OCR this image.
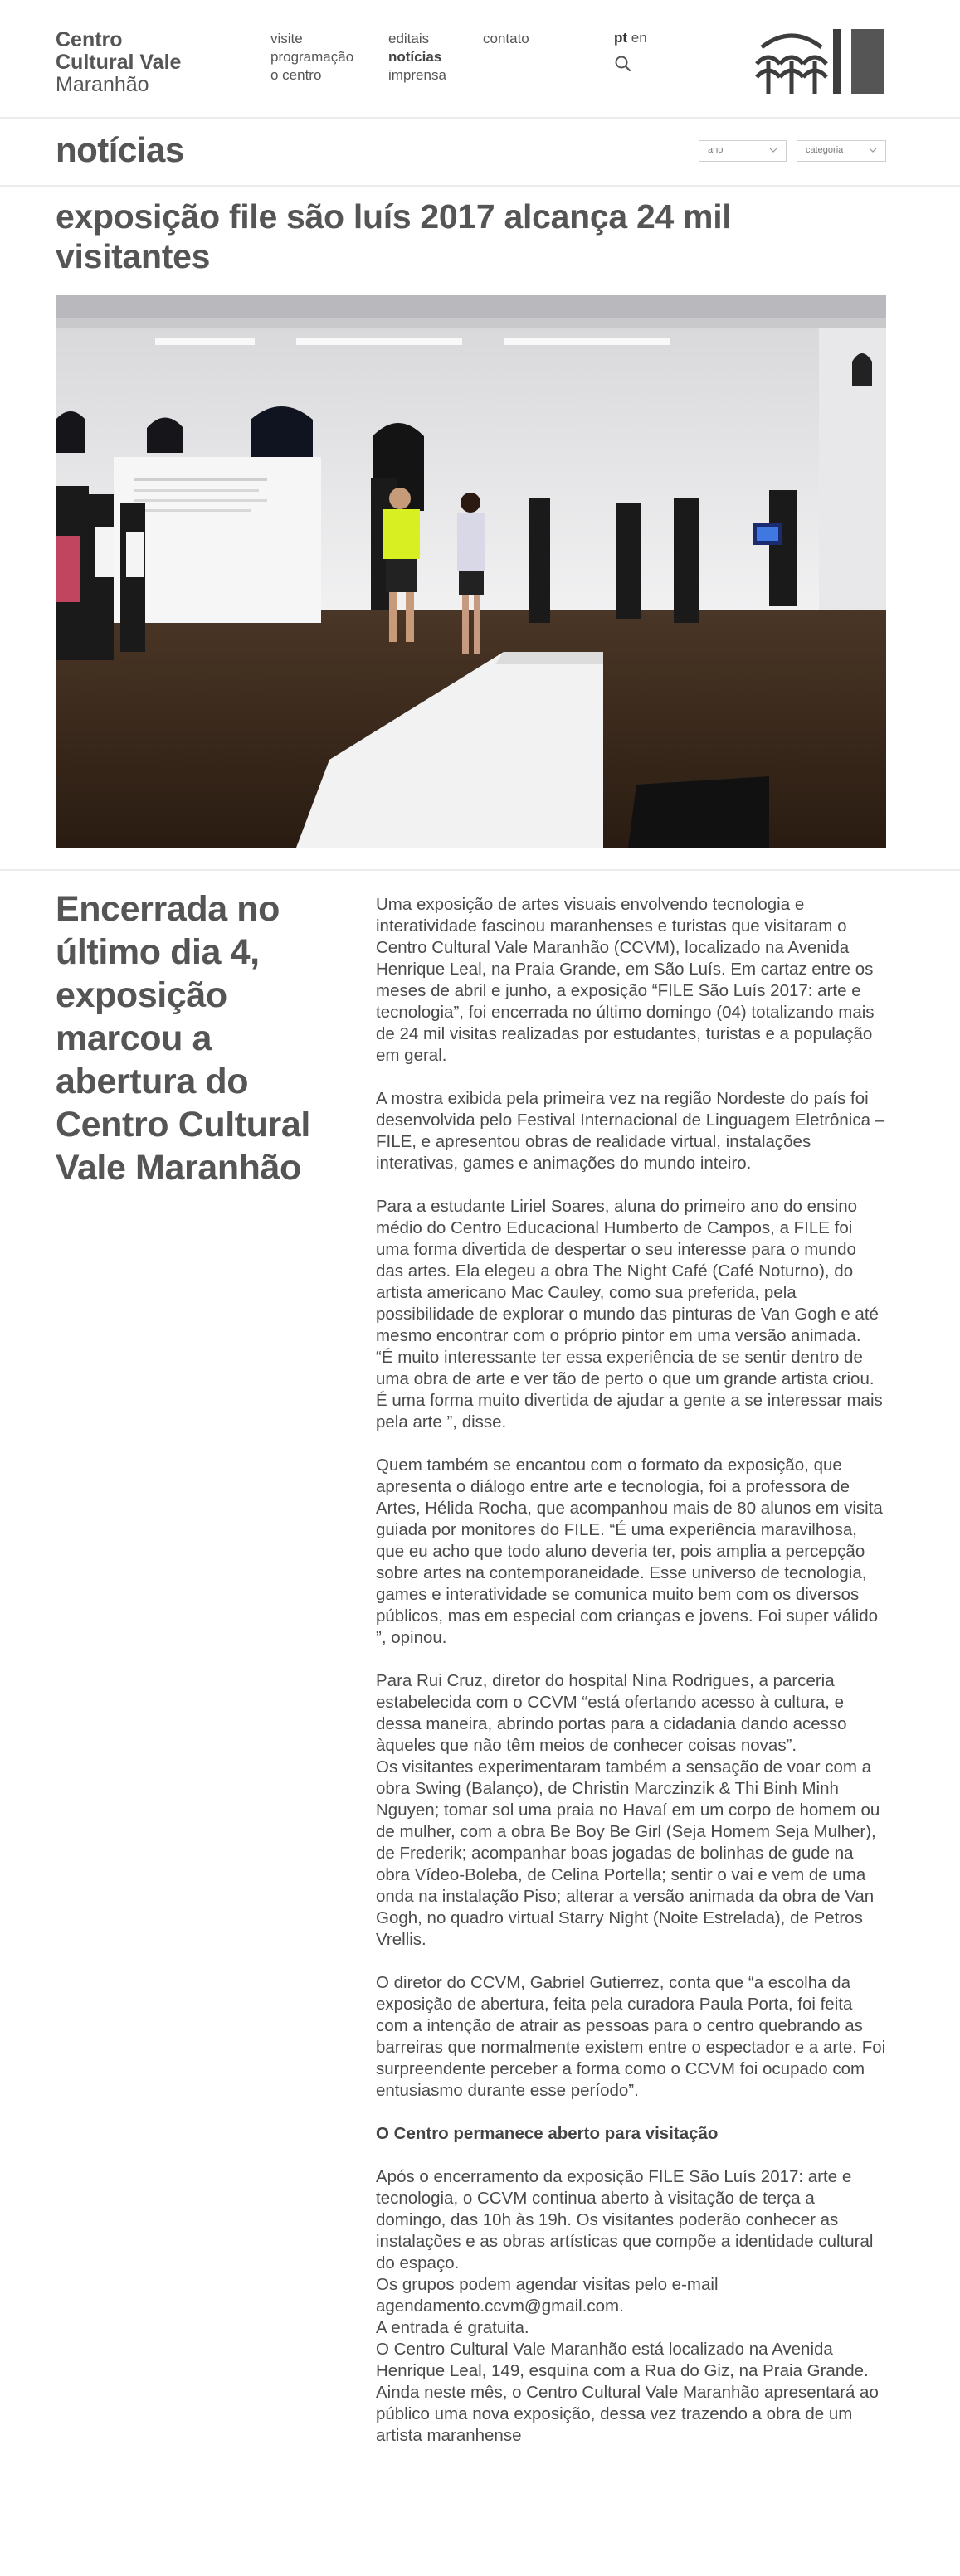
Centro
Cultural Vale
Maranhão
visite
programação
o centro
editais
notícias
imprensa
contato	pt en
notícias	ano	categoria
exposição file são luís 2017 alcança 24 mil visitantes
Encerrada no último dia 4, exposição marcou a abertura do Centro Cultural Vale Maranhão

Uma exposição de artes visuais envolvendo tecnologia e interatividade fascinou maranhenses e turistas que visitaram o Centro Cultural Vale Maranhão (CCVM), localizado na Avenida Henrique Leal, na Praia Grande, em São Luís. Em cartaz entre os meses de abril e junho, a exposição “FILE São Luís 2017: arte e tecnologia”, foi encerrada no último domingo (04) totalizando mais de 24 mil visitas realizadas por estudantes, turistas e a população em geral.

A mostra exibida pela primeira vez na região Nordeste do país foi desenvolvida pelo Festival Internacional de Linguagem Eletrônica – FILE, e apresentou obras de realidade virtual, instalações interativas, games e animações do mundo inteiro.

Para a estudante Liriel Soares, aluna do primeiro ano do ensino médio do Centro Educacional Humberto de Campos, a FILE foi uma forma divertida de despertar o seu interesse para o mundo das artes. Ela elegeu a obra The Night Café (Café Noturno), do artista americano Mac Cauley, como sua preferida, pela possibilidade de explorar o mundo das pinturas de Van Gogh e até mesmo encontrar com o próprio pintor em uma versão animada.
“É muito interessante ter essa experiência de se sentir dentro de uma obra de arte e ver tão de perto o que um grande artista criou. É uma forma muito divertida de ajudar a gente a se interessar mais pela arte ”, disse.

Quem também se encantou com o formato da exposição, que apresenta o diálogo entre arte e tecnologia, foi a professora de Artes, Hélida Rocha, que acompanhou mais de 80 alunos em visita guiada por monitores do FILE. “É uma experiência maravilhosa, que eu acho que todo aluno deveria ter, pois amplia a percepção sobre artes na contemporaneidade. Esse universo de tecnologia, games e interatividade se comunica muito bem com os diversos públicos, mas em especial com crianças e jovens. Foi super válido ”, opinou.

Para Rui Cruz, diretor do hospital Nina Rodrigues, a parceria estabelecida com o CCVM “está ofertando acesso à cultura, e dessa maneira, abrindo portas para a cidadania dando acesso àqueles que não têm meios de conhecer coisas novas”.
Os visitantes experimentaram também a sensação de voar com a obra Swing (Balanço), de Christin Marczinzik & Thi Binh Minh Nguyen; tomar sol uma praia no Havaí em um corpo de homem ou de mulher, com a obra Be Boy Be Girl (Seja Homem Seja Mulher), de Frederik; acompanhar boas jogadas de bolinhas de gude na obra Vídeo-Boleba, de Celina Portella; sentir o vai e vem de uma onda na instalação Piso; alterar a versão animada da obra de Van Gogh, no quadro virtual Starry Night (Noite Estrelada), de Petros Vrellis.

O diretor do CCVM, Gabriel Gutierrez, conta que “a escolha da exposição de abertura, feita pela curadora Paula Porta, foi feita com a intenção de atrair as pessoas para o centro quebrando as barreiras que normalmente existem entre o espectador e a arte. Foi surpreendente perceber a forma como o CCVM foi ocupado com entusiasmo durante esse período”.

O Centro permanece aberto para visitação

Após o encerramento da exposição FILE São Luís 2017: arte e tecnologia, o CCVM continua aberto à visitação de terça a domingo, das 10h às 19h. Os visitantes poderão conhecer as instalações e as obras artísticas que compõe a identidade cultural do espaço.
Os grupos podem agendar visitas pelo e-mail agendamento.ccvm@gmail.com.
A entrada é gratuita.
O Centro Cultural Vale Maranhão está localizado na Avenida Henrique Leal, 149, esquina com a Rua do Giz, na Praia Grande.
Ainda neste mês, o Centro Cultural Vale Maranhão apresentará ao público uma nova exposição, dessa vez trazendo a obra de um artista maranhense
